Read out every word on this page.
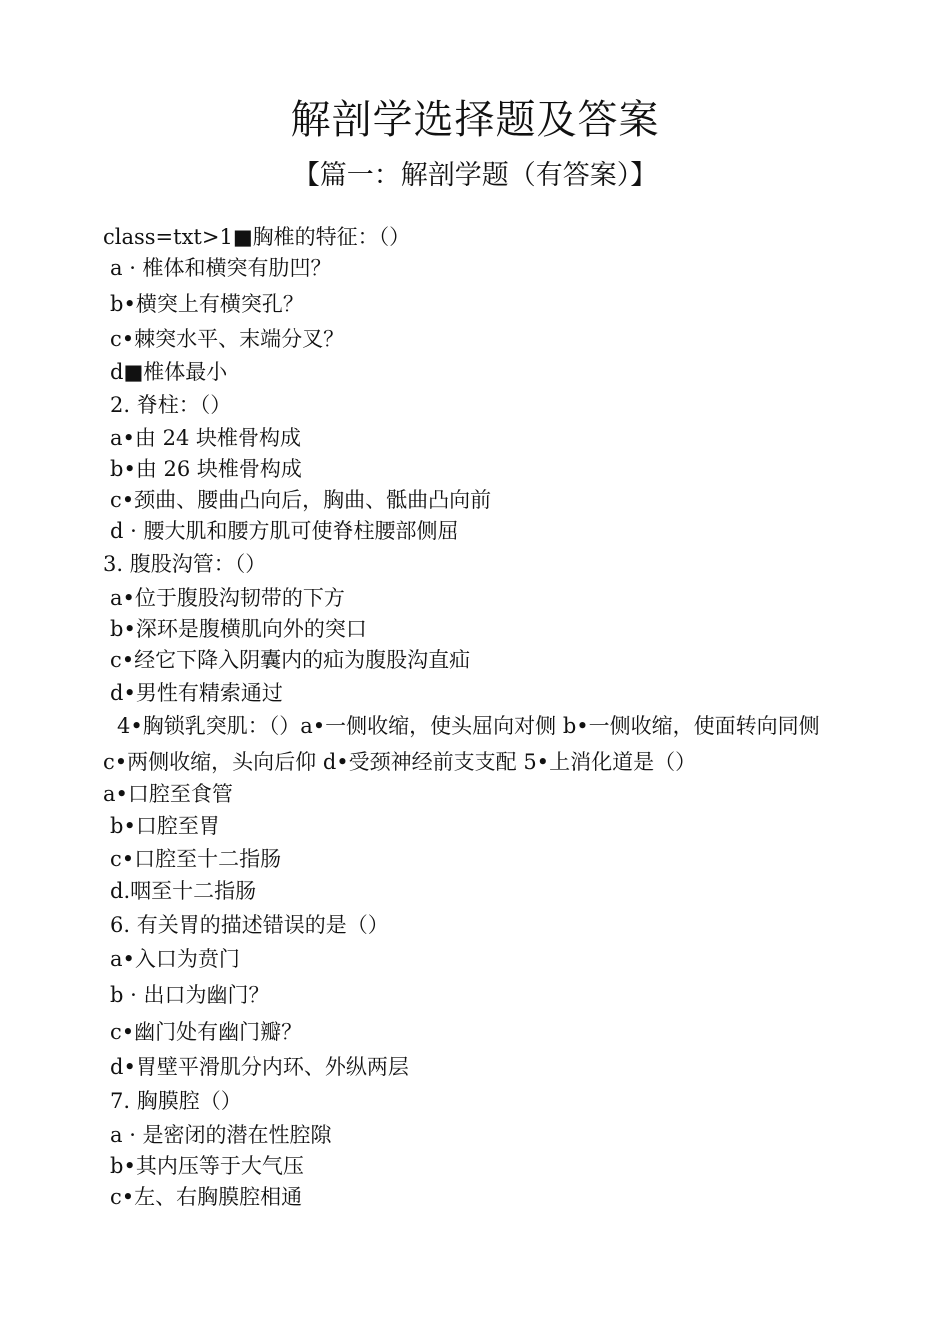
解剖学选择题及答案
【篇一：解剖学题（有答案）】
class=txt>1■胸椎的特征：（）
a · 椎体和横突有肋凹？
b•横突上有横突孔？
c•棘突水平、末端分叉？
d■椎体最小
2. 脊柱：（）
a•由 24 块椎骨构成
b•由 26 块椎骨构成
c•颈曲、腰曲凸向后，胸曲、骶曲凸向前
d · 腰大肌和腰方肌可使脊柱腰部侧屈
3. 腹股沟管：（）
a•位于腹股沟韧带的下方
b•深环是腹横肌向外的突口
c•经它下降入阴囊内的疝为腹股沟直疝
d•男性有精索通过
4•胸锁乳突肌：（）a•一侧收缩，使头屈向对侧 b•一侧收缩，使面转向同侧 c•两侧收缩，头向后仰 d•受颈神经前支支配 5•上消化道是（）
a•口腔至食管
b•口腔至胃
c•口腔至十二指肠
d.咽至十二指肠
6. 有关胃的描述错误的是（）
a•入口为贲门
b · 出口为幽门？
c•幽门处有幽门瓣？
d•胃壁平滑肌分内环、外纵两层
7. 胸膜腔（）
a · 是密闭的潜在性腔隙
b•其内压等于大气压
c•左、右胸膜腔相通
